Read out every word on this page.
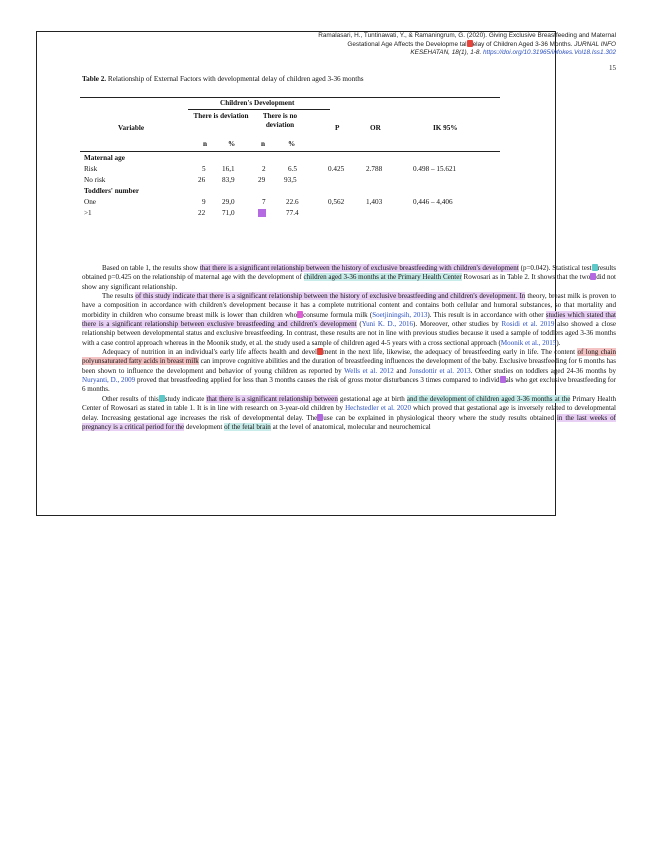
Ramalasari, H., Tuntinawati, Y., & Ramaningrum, G. (2020). Giving Exclusive Breastfeeding and Maternal
Gestational Age Affects the Developme tal elay of Children Aged 3-36 Months. JURNAL INFO
KESEHATAN, 18(1), 1-8. https://doi.org/10.31965/infokes.Vol18.Iss1.302
15
Table 2. Relationship of External Factors with developmental delay of children aged 3-36 months
Children's Development
Variable
There is deviation	There is no deviation	P	OR	IK 95%
n	%	n	%
Maternal age
Risk	5 16,1	2	6.5	0.425	2.788	0.498 – 15.621
No risk	26 83,9	29	93,5
Toddlers' number
One	9 29,0	7	22.6	0,562	1,403	0,446 – 4,406
>1	22 71,0	24	77.4

Based on table 1, the results show that there is a significant relationship between the history of exclusive breastfeeding with children's development (p=0.042). Statistical test results obtained p=0.425 on the relationship of maternal age with the development of children aged 3-36 months at the Primary Health Center Rowosari as in Table 2. It shows that the two did not show any significant relationship.

The results of this study indicate that there is a significant relationship between the history of exclusive breastfeeding and children's development. In theory, breast milk is proven to have a composition in accordance with children's development because it has a complete nutritional content and contains both cellular and humoral substances, so that mortality and morbidity in children who consume breast milk is lower than children who consume formula milk (Soetjiningsih, 2013). This result is in accordance with other studies which stated that there is a significant relationship between exclusive breastfeeding and children's development (Yuni K. D., 2016). Moreover, other studies by Rosidi et al. 2019 also showed a close relationship between developmental status and exclusive breastfeeding. In contrast, these results are not in line with previous studies because it used a sample of toddlers aged 3-36 months with a case control approach whereas in the Moonik study, et al. the study used a sample of children aged 4-5 years with a cross sectional approach (Moonik et al., 2015).

Adequacy of nutrition in an individual's early life affects health and devel ment in the next life, likewise, the adequacy of breastfeeding early in life. The content of long chain polyunsaturated fatty acids in breast milk can improve cognitive abilities and the duration of breastfeeding influences the development of the baby. Exclusive breastfeeding for 6 months has been shown to influence the development and behavior of young children as reported by Wells et al. 2012 and Jonsdottir et al. 2013. Other studies on toddlers aged 24-36 months by Nuryanti, D., 2009 proved that breastfeeding applied for less than 3 months causes the risk of gross motor disturbances 3 times compared to individ als who get exclusive breastfeeding for 6 months.

Other results of this study indicate that there is a significant relationship between gestational age at birth and the development of children aged 3-36 months at the Primary Health Center of Rowosari as stated in table 1. It is in line with research on 3-year-old children by Hechstedler et al. 2020 which proved that gestational age is inversely related to developmental delay. Increasing gestational age increases the risk of developmental delay. The use can be explained in physiological theory where the study results obtained in the last weeks of pregnancy is a critical period for the development of the fetal brain at the level of anatomical, molecular and neurochemical
